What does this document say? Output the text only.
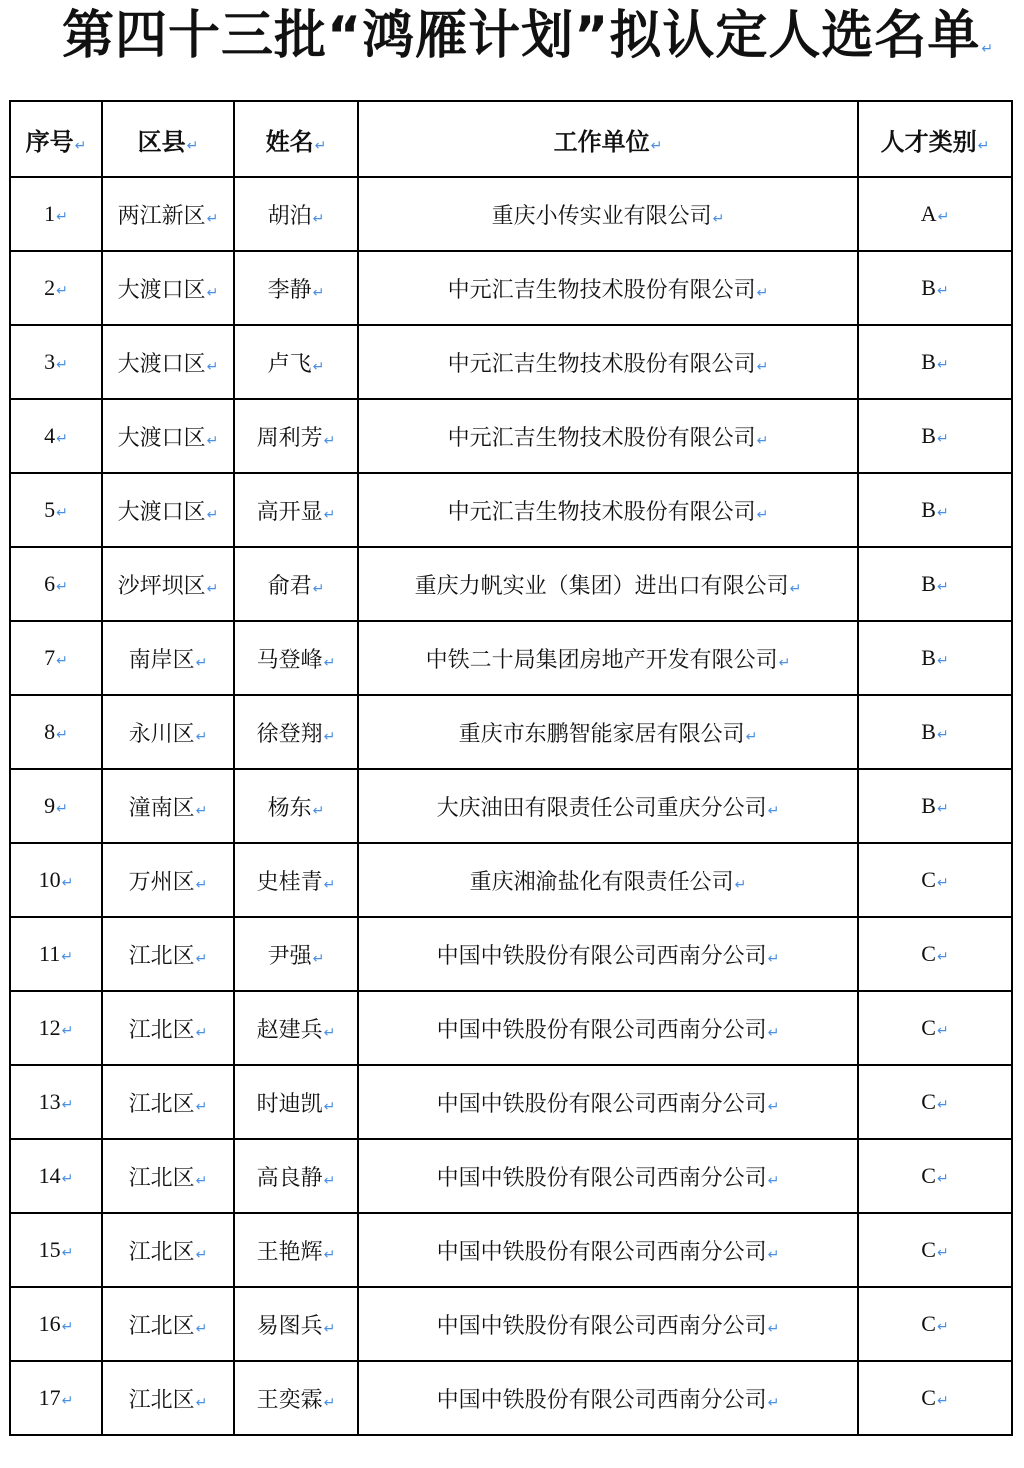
第四十三批“鸿雁计划”拟认定人选名单↵
序号↵	区县↵	姓名↵	工作单位↵	人才类别↵
1↵	两江新区↵	胡泊↵	重庆小传实业有限公司↵	A↵
2↵	大渡口区↵	李静↵	中元汇吉生物技术股份有限公司↵	B↵
3↵	大渡口区↵	卢飞↵	中元汇吉生物技术股份有限公司↵	B↵
4↵	大渡口区↵	周利芳↵	中元汇吉生物技术股份有限公司↵	B↵
5↵	大渡口区↵	高开显↵	中元汇吉生物技术股份有限公司↵	B↵
6↵	沙坪坝区↵	俞君↵	重庆力帆实业（集团）进出口有限公司↵	B↵
7↵	南岸区↵	马登峰↵	中铁二十局集团房地产开发有限公司↵	B↵
8↵	永川区↵	徐登翔↵	重庆市东鹏智能家居有限公司↵	B↵
9↵	潼南区↵	杨东↵	大庆油田有限责任公司重庆分公司↵	B↵
10↵	万州区↵	史桂青↵	重庆湘渝盐化有限责任公司↵	C↵
11↵	江北区↵	尹强↵	中国中铁股份有限公司西南分公司↵	C↵
12↵	江北区↵	赵建兵↵	中国中铁股份有限公司西南分公司↵	C↵
13↵	江北区↵	时迪凯↵	中国中铁股份有限公司西南分公司↵	C↵
14↵	江北区↵	高良静↵	中国中铁股份有限公司西南分公司↵	C↵
15↵	江北区↵	王艳辉↵	中国中铁股份有限公司西南分公司↵	C↵
16↵	江北区↵	易图兵↵	中国中铁股份有限公司西南分公司↵	C↵
17↵	江北区↵	王奕霖↵	中国中铁股份有限公司西南分公司↵	C↵
